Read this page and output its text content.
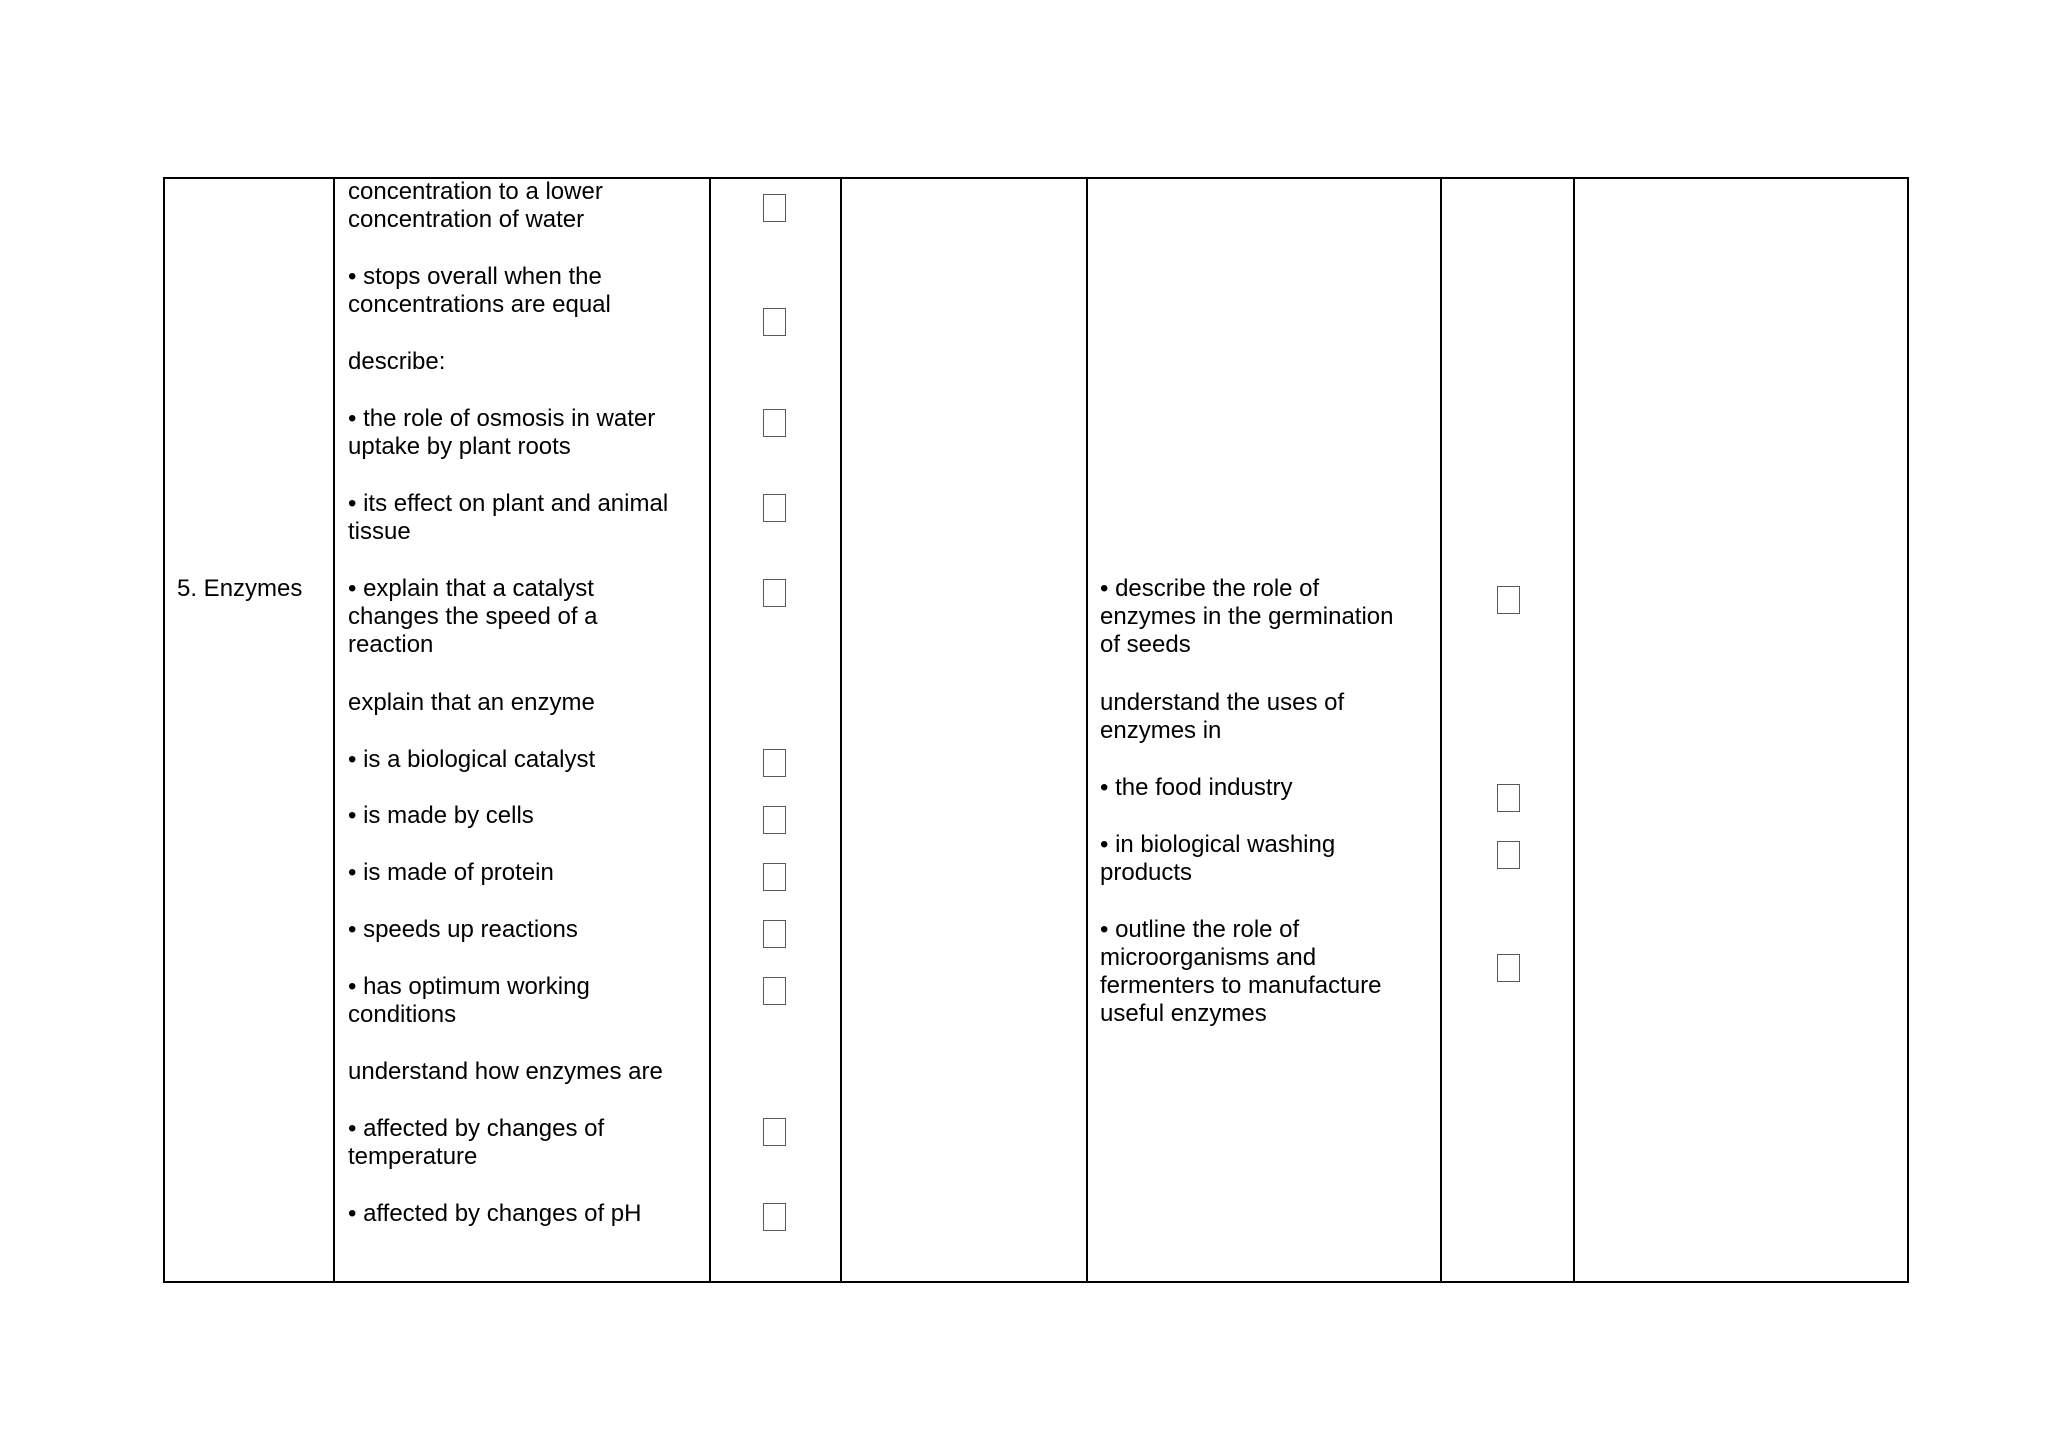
5. Enzymes
concentration to a lower
concentration of water
• stops overall when the
concentrations are equal
describe:
• the role of osmosis in water
uptake by plant roots
• its effect on plant and animal
tissue
• explain that a catalyst
changes the speed of a
reaction
explain that an enzyme
• is a biological catalyst
• is made by cells
• is made of protein
• speeds up reactions
• has optimum working
conditions
understand how enzymes are
• affected by changes of
temperature
• affected by changes of pH
• describe the role of
enzymes in the germination
of seeds
understand the uses of
enzymes in
• the food industry
• in biological washing
products
• outline the role of
microorganisms and
fermenters to manufacture
useful enzymes
